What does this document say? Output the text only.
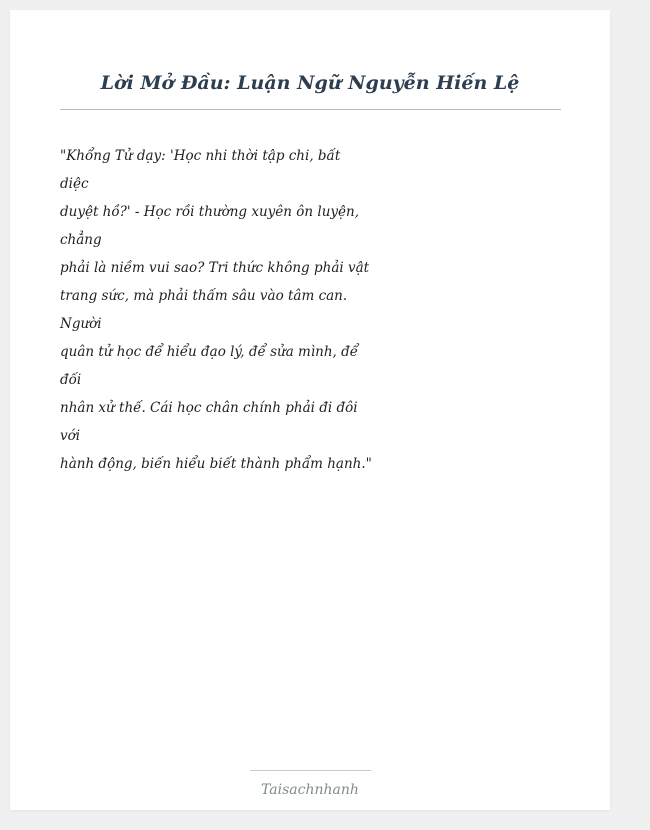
Lời Mở Đầu: Luận Ngữ Nguyễn Hiến Lệ
"Khổng Tử dạy: 'Học nhi thời tập chi, bất
diệc
duyệt hồ?' - Học rồi thường xuyên ôn luyện,
chẳng
phải là niềm vui sao? Tri thức không phải vật
trang sức, mà phải thấm sâu vào tâm can.
Người
quân tử học để hiểu đạo lý, để sửa mình, để
đối
nhân xử thế. Cái học chân chính phải đi đôi
với
hành động, biến hiểu biết thành phẩm hạnh."
Taisachnhanh
